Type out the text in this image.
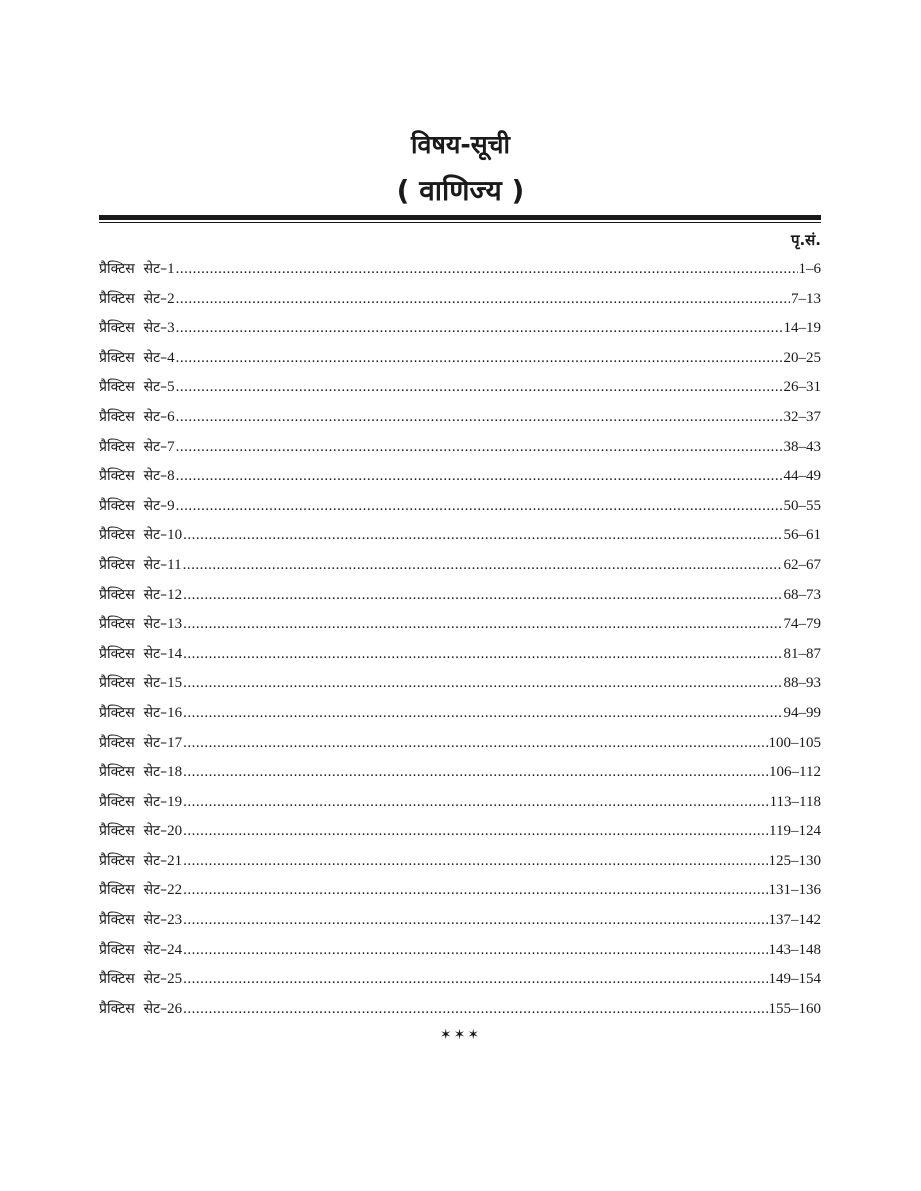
विषय-सूची
( वाणिज्य )
पृ.सं.
प्रैक्टिस  सेट– 1 .....	1–6
प्रैक्टिस  सेट– 2 .....	7–13
प्रैक्टिस  सेट– 3 .....	14–19
प्रैक्टिस  सेट– 4 .....	20–25
प्रैक्टिस  सेट– 5 .....	26–31
प्रैक्टिस  सेट– 6 .....	32–37
प्रैक्टिस  सेट– 7 .....	38–43
प्रैक्टिस  सेट– 8 .....	44–49
प्रैक्टिस  सेट– 9 .....	50–55
प्रैक्टिस  सेट– 10 .....	56–61
प्रैक्टिस  सेट– 11 .....	62–67
प्रैक्टिस  सेट– 12 .....	68–73
प्रैक्टिस  सेट– 13 .....	74–79
प्रैक्टिस  सेट– 14 .....	81–87
प्रैक्टिस  सेट– 15 .....	88–93
प्रैक्टिस  सेट– 16 .....	94–99
प्रैक्टिस  सेट– 17 .....	100–105
प्रैक्टिस  सेट– 18 .....	106–112
प्रैक्टिस  सेट– 19 .....	113–118
प्रैक्टिस  सेट– 20 .....	119–124
प्रैक्टिस  सेट– 21 .....	125–130
प्रैक्टिस  सेट– 22 .....	131–136
प्रैक्टिस  सेट– 23 .....	137–142
प्रैक्टिस  सेट– 24 .....	143–148
प्रैक्टिस  सेट– 25 .....	149–154
प्रैक्टिस  सेट– 26 .....	155–160
✶✶✶
